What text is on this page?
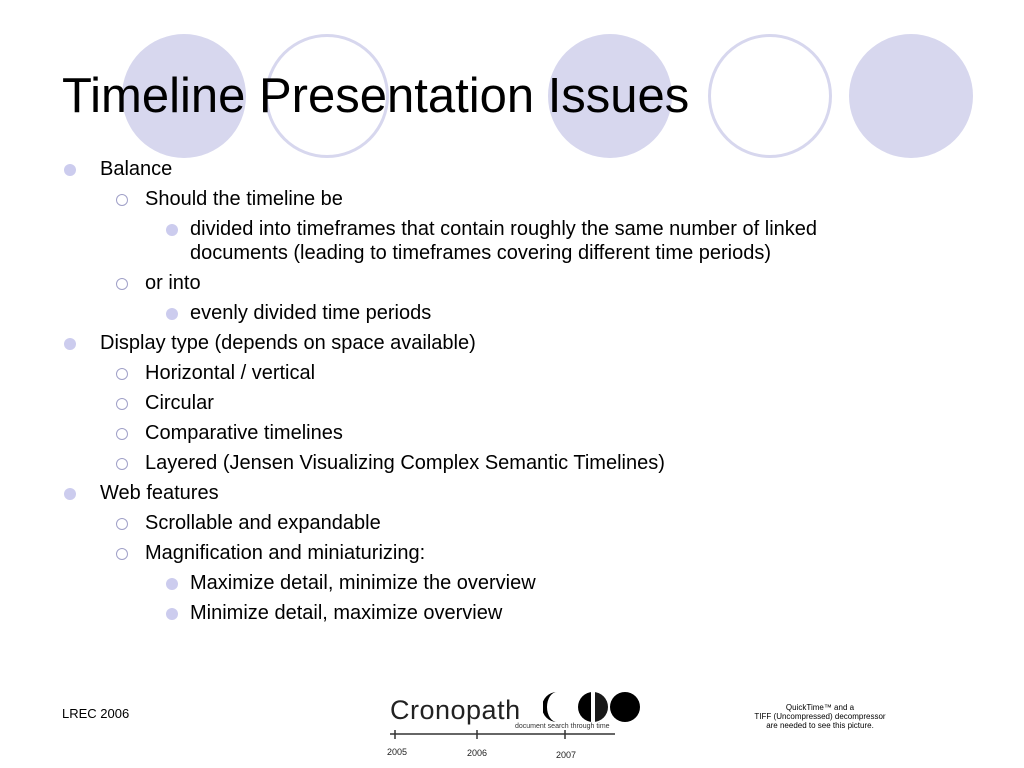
Timeline Presentation Issues
Balance
Should the timeline be
divided into timeframes that contain roughly the same number of linked documents (leading to timeframes covering different time periods)
or into
evenly divided time periods
Display type (depends on space available)
Horizontal / vertical
Circular
Comparative timelines
Layered (Jensen Visualizing Complex Semantic Timelines)
Web features
Scrollable and expandable
Magnification and miniaturizing:
Maximize detail, minimize the overview
Minimize detail, maximize overview
LREC 2006	Cronopath
document search through time
2005	2006	2007
QuickTime™ and a
TIFF (Uncompressed) decompressor
are needed to see this picture.
